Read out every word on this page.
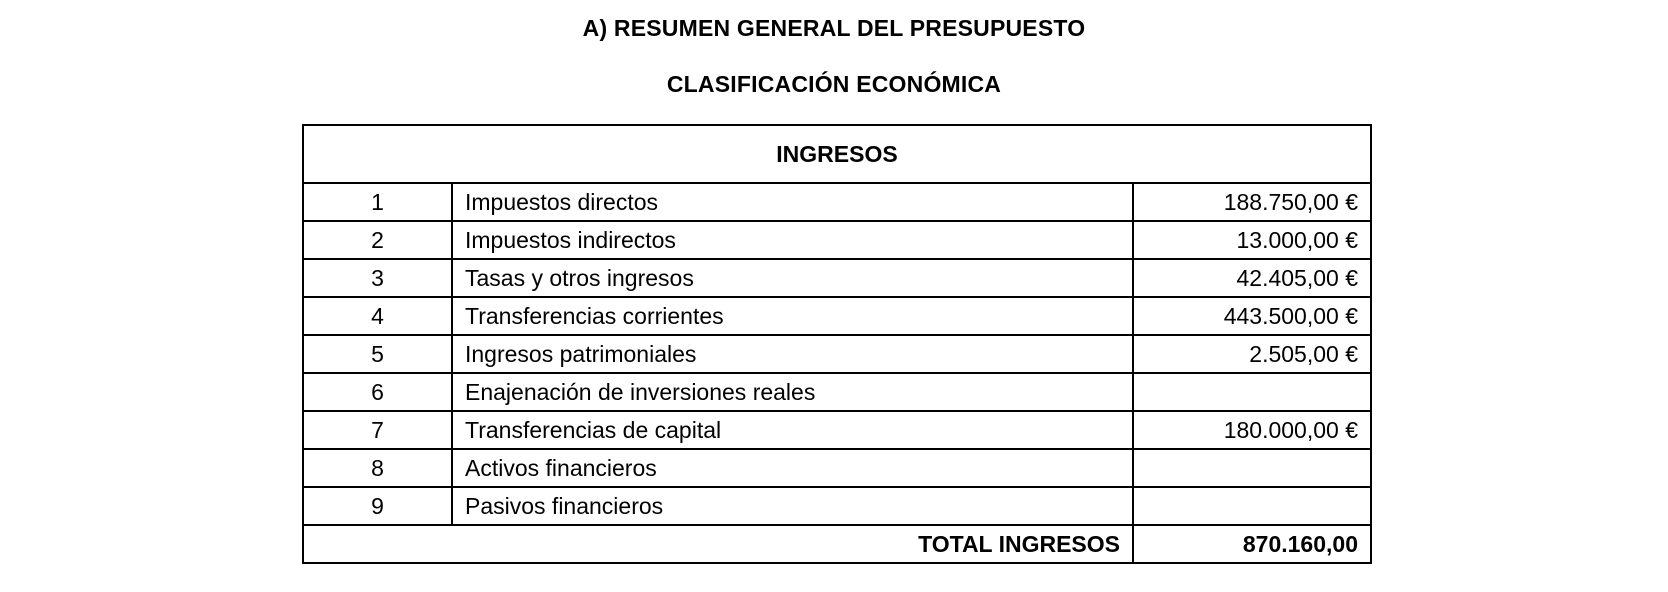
A) RESUMEN GENERAL DEL PRESUPUESTO
CLASIFICACIÓN ECONÓMICA
INGRESOS		
1	Impuestos directos	188.750,00 €
2	Impuestos indirectos	13.000,00 €
3	Tasas y otros ingresos	42.405,00 €
4	Transferencias corrientes	443.500,00 €
5	Ingresos patrimoniales	2.505,00 €
6	Enajenación de inversiones reales	
7	Transferencias de capital	180.000,00 €
8	Activos financieros	
9	Pasivos financieros	
TOTAL INGRESOS		870.160,00
